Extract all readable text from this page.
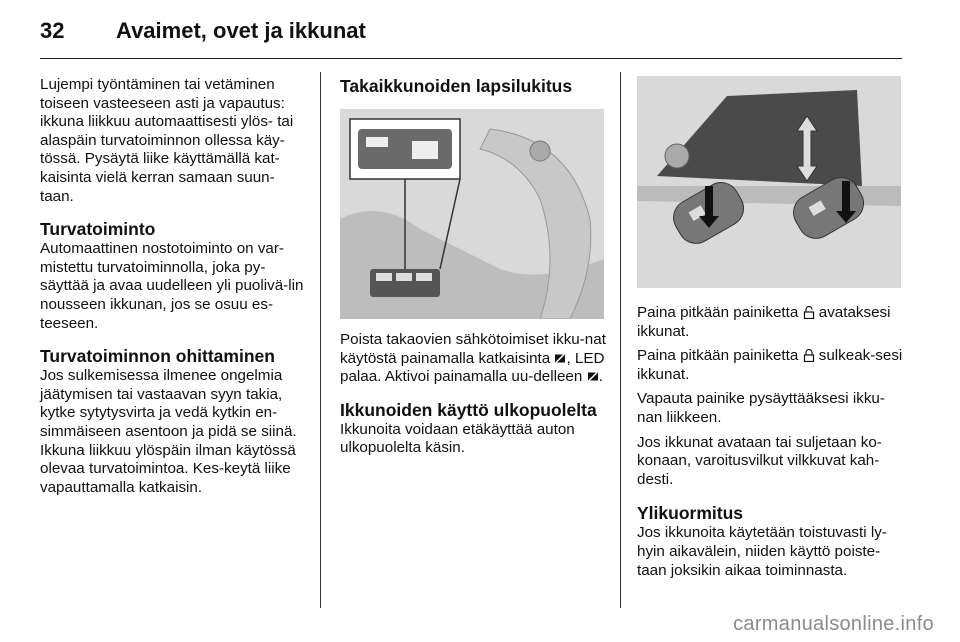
32 Avaimet, ovet ja ikkunat

Lujempi työntäminen tai vetäminen toiseen vasteeseen asti ja vapautus: ikkuna liikkuu automaattisesti ylös- tai alaspäin turvatoiminnon ollessa käy-tössä. Pysäytä liike käyttämällä kat-kaisinta vielä kerran samaan suun-taan.

Turvatoiminto

Automaattinen nostotoiminto on var-mistettu turvatoiminnolla, joka py-säyttää ja avaa uudelleen yli puolivä-lin nousseen ikkunan, jos se osuu es-teeseen.

Turvatoiminnon ohittaminen

Jos sulkemisessa ilmenee ongelmia jäätymisen tai vastaavan syyn takia, kytke sytytysvirta ja vedä kytkin en-simmäiseen asentoon ja pidä se siinä. Ikkuna liikkuu ylöspäin ilman käytössä olevaa turvatoimintoa. Kes-keytä liike vapauttamalla katkaisin.

Takaikkunoiden lapsilukitus

Poista takaovien sähkötoimiset ikku-nat käytöstä painamalla katkaisinta , LED palaa. Aktivoi painamalla uu-delleen .

Ikkunoiden käyttö ulkopuolelta

Ikkunoita voidaan etäkäyttää auton ulkopuolelta käsin.

Paina pitkään painiketta avataksesi ikkunat.

Paina pitkään painiketta sulkeak-sesi ikkunat.

Vapauta painike pysäyttääksesi ikku-nan liikkeen.

Jos ikkunat avataan tai suljetaan ko-konaan, varoitusvilkut vilkkuvat kah-desti.

Ylikuormitus

Jos ikkunoita käytetään toistuvasti ly-hyin aikavälein, niiden käyttö poiste-taan joksikin aikaa toiminnasta.

carmanualsonline.info
